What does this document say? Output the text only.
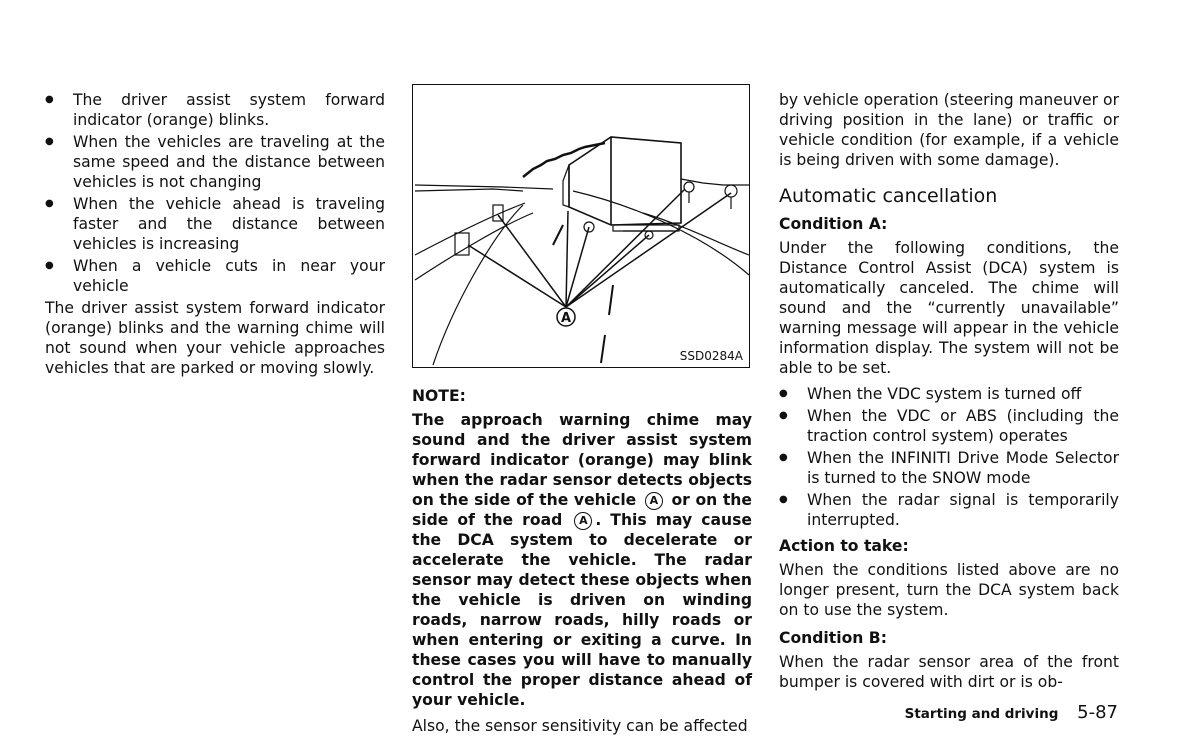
● The driver assist system forward indicator (orange) blinks.

● When the vehicles are traveling at the same speed and the distance between vehicles is not changing

● When the vehicle ahead is traveling faster and the distance between vehicles is increasing

● When a vehicle cuts in near your vehicle

The driver assist system forward indicator (orange) blinks and the warning chime will not sound when your vehicle approaches vehicles that are parked or moving slowly.

A
SSD0284A
NOTE:

The approach warning chime may sound and the driver assist system forward indicator (orange) may blink when the radar sensor detects objects on the side of the vehicle A or on the side of the road A . This may cause the DCA system to decelerate or accelerate the vehicle. The radar sensor may detect these objects when the vehicle is driven on winding roads, narrow roads, hilly roads or when entering or exiting a curve. In these cases you will have to manually control the proper distance ahead of your vehicle.

Also, the sensor sensitivity can be affected

by vehicle operation (steering maneuver or driving position in the lane) or traffic or vehicle condition (for example, if a vehicle is being driven with some damage).

Automatic cancellation
Condition A:

Under the following conditions, the Distance Control Assist (DCA) system is automatically canceled. The chime will sound and the “currently unavailable” warning message will appear in the vehicle information display. The system will not be able to be set.

● When the VDC system is turned off

● When the VDC or ABS (including the traction control system) operates

● When the INFINITI Drive Mode Selector is turned to the SNOW mode

● When the radar signal is temporarily interrupted.

Action to take:

When the conditions listed above are no longer present, turn the DCA system back on to use the system.

Condition B:

When the radar sensor area of the front bumper is covered with dirt or is ob-

Starting and driving 5-87
